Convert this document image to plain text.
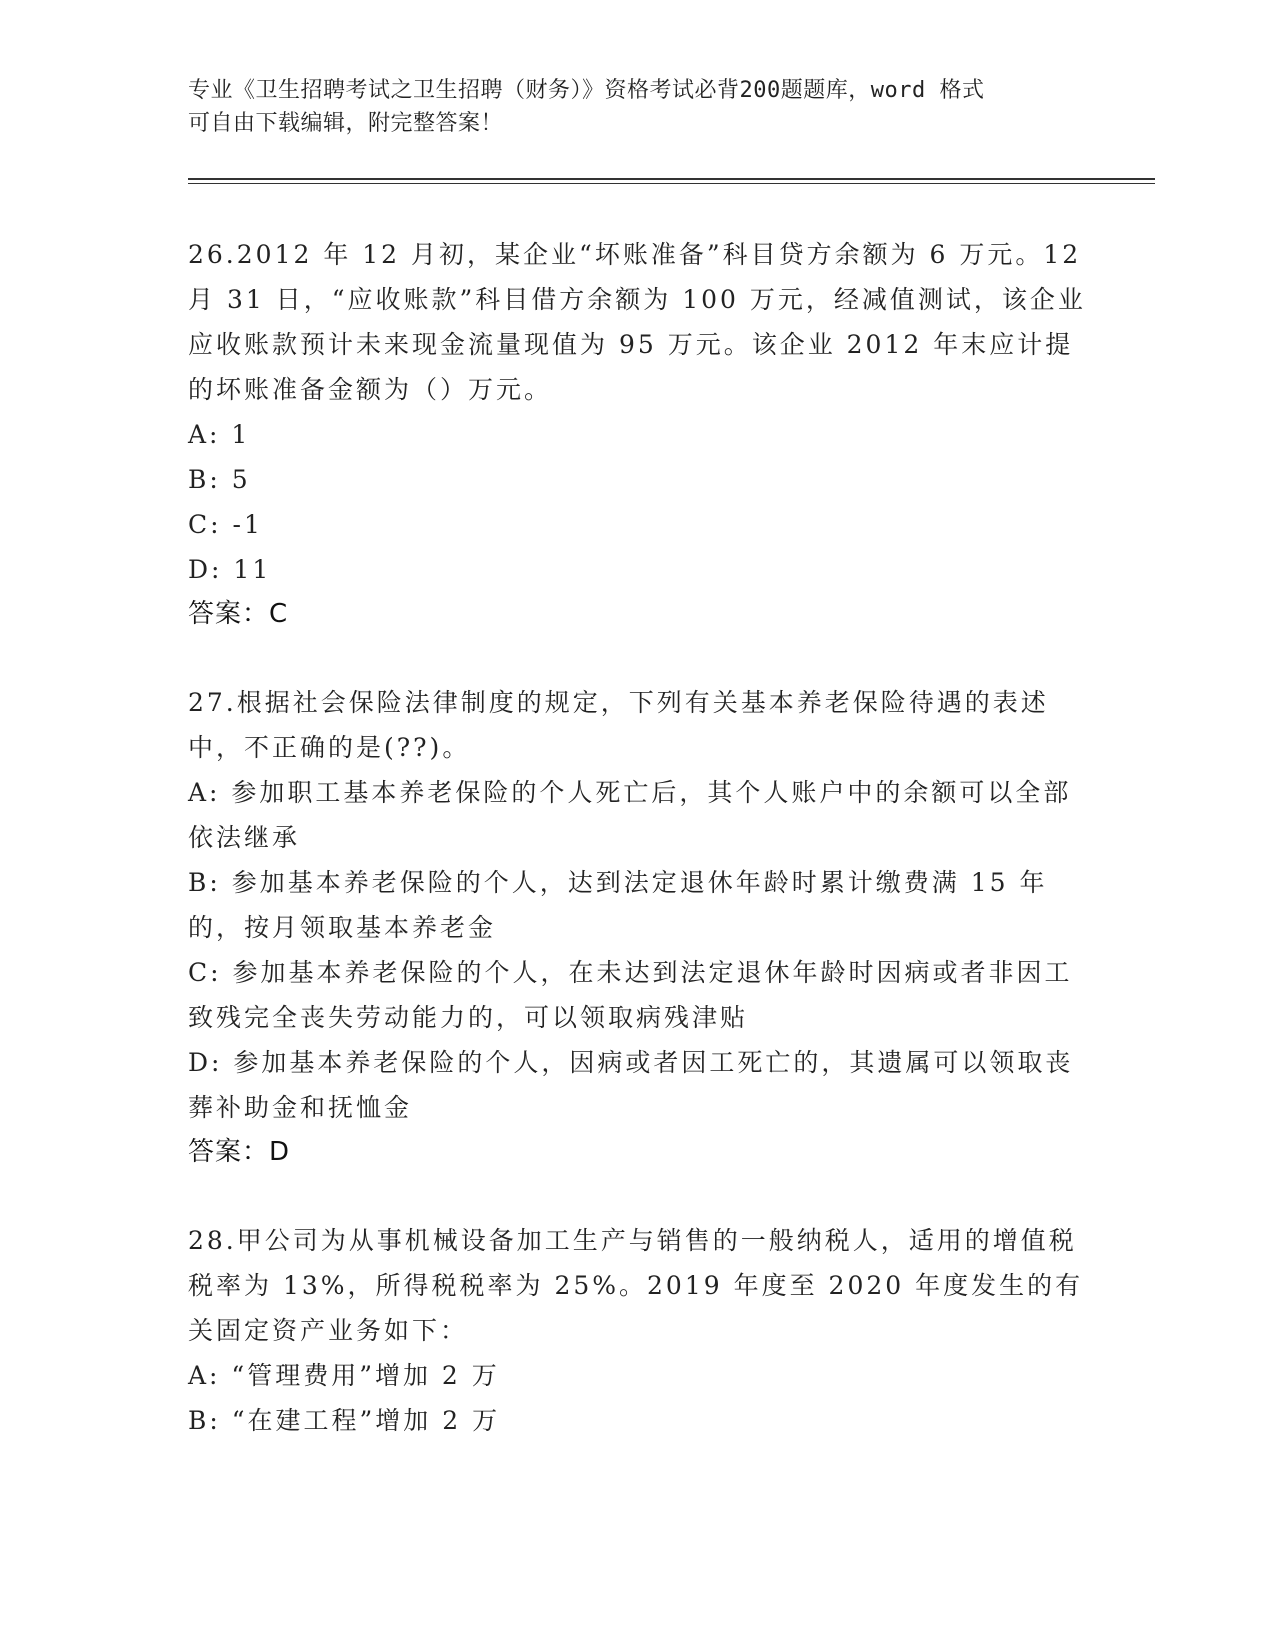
专业《卫生招聘考试之卫生招聘（财务）》资格考试必背200题题库，word 格式
可自由下载编辑，附完整答案！

26.2012 年 12 月初，某企业“坏账准备”科目贷方余额为 6 万元。12 月 31 日，“应收账款”科目借方余额为 100 万元，经减值测试，该企业应收账款预计未来现金流量现值为 95 万元。该企业 2012 年末应计提的坏账准备金额为（）万元。

A: 1

B: 5

C: -1

D: 11

答案：C

27.根据社会保险法律制度的规定，下列有关基本养老保险待遇的表述中，不正确的是(??)。

A: 参加职工基本养老保险的个人死亡后，其个人账户中的余额可以全部依法继承

B: 参加基本养老保险的个人，达到法定退休年龄时累计缴费满 15 年的，按月领取基本养老金

C: 参加基本养老保险的个人，在未达到法定退休年龄时因病或者非因工致残完全丧失劳动能力的，可以领取病残津贴

D: 参加基本养老保险的个人，因病或者因工死亡的，其遗属可以领取丧葬补助金和抚恤金

答案：D

28.甲公司为从事机械设备加工生产与销售的一般纳税人，适用的增值税税率为 13%，所得税税率为 25%。2019 年度至 2020 年度发生的有关固定资产业务如下：

A: “管理费用”增加 2 万

B: “在建工程”增加 2 万
